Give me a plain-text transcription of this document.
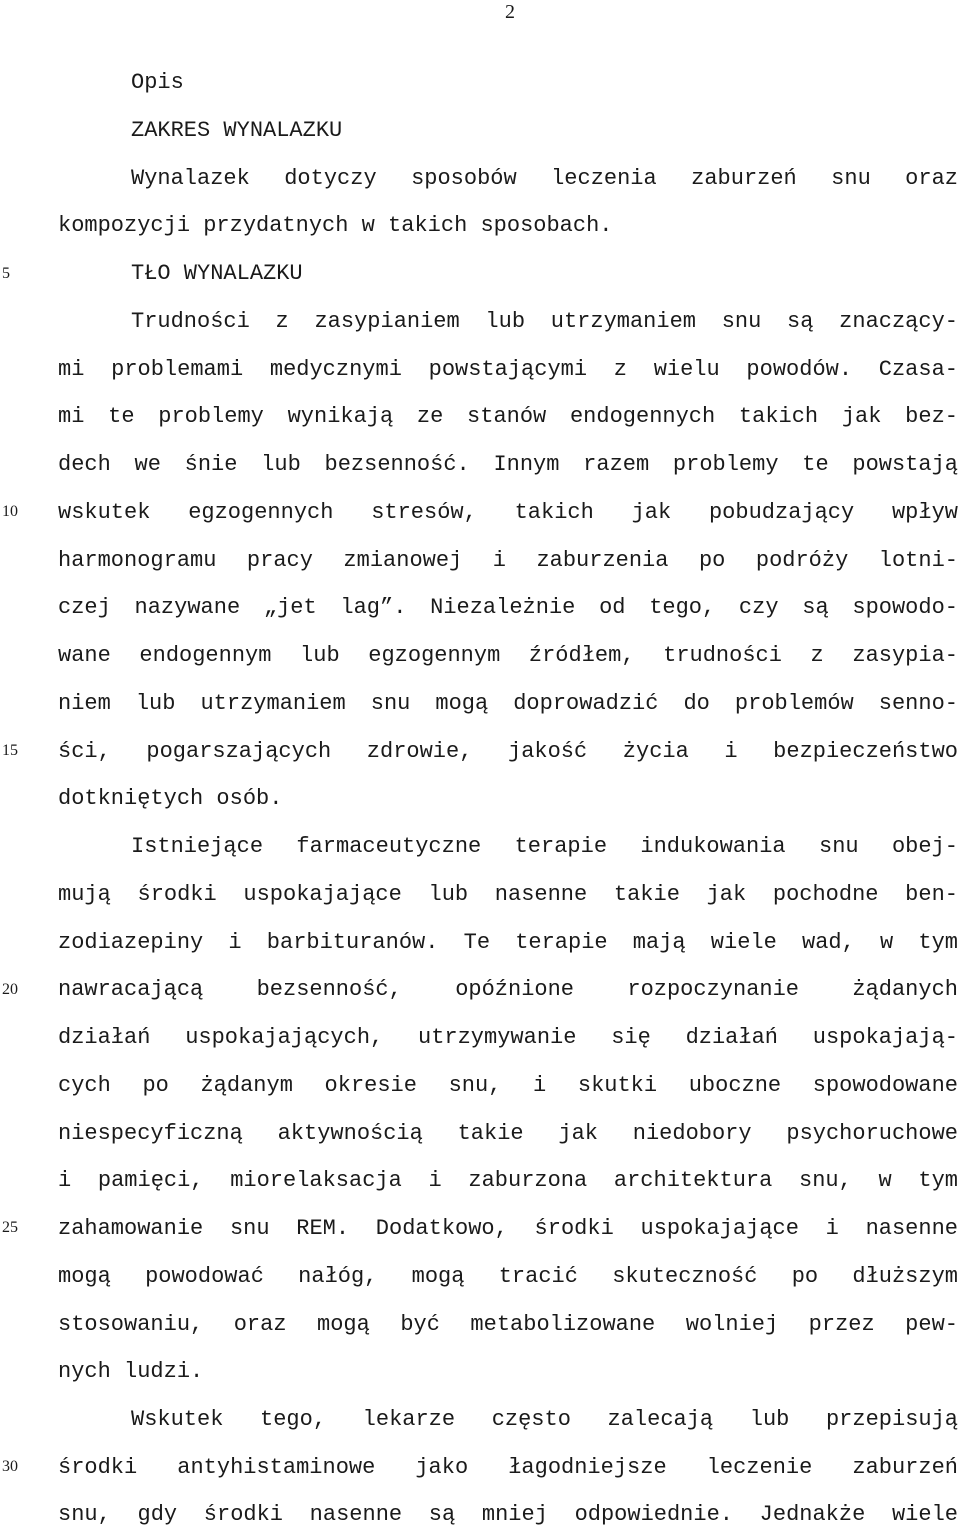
2
5
10
15
20
25
30
Opis
ZAKRES WYNALAZKU
Wynalazek dotyczy sposobów leczenia zaburzeń snu oraz
kompozycji przydatnych w takich sposobach.
TŁO WYNALAZKU
Trudności z zasypianiem lub utrzymaniem snu są znaczący-
mi problemami medycznymi powstającymi z wielu powodów. Czasa-
mi te problemy wynikają ze stanów endogennych takich jak bez-
dech we śnie lub bezsenność. Innym razem problemy te powstają
wskutek egzogennych stresów, takich jak pobudzający wpływ
harmonogramu pracy zmianowej i zaburzenia po podróży lotni-
czej nazywane „jet lag”. Niezależnie od tego, czy są spowodo-
wane endogennym lub egzogennym źródłem, trudności z zasypia-
niem lub utrzymaniem snu mogą doprowadzić do problemów senno-
ści, pogarszających zdrowie, jakość życia i bezpieczeństwo
dotkniętych osób.
Istniejące farmaceutyczne terapie indukowania snu obej-
mują środki uspokajające lub nasenne takie jak pochodne ben-
zodiazepiny i barbituranów. Te terapie mają wiele wad, w tym
nawracającą bezsenność, opóźnione rozpoczynanie żądanych
działań uspokajających, utrzymywanie się działań uspokajają-
cych po żądanym okresie snu, i skutki uboczne spowodowane
niespecyficzną aktywnością takie jak niedobory psychoruchowe
i pamięci, miorelaksacja i zaburzona architektura snu, w tym
zahamowanie snu REM. Dodatkowo, środki uspokajające i nasenne
mogą powodować nałóg, mogą tracić skuteczność po dłuższym
stosowaniu, oraz mogą być metabolizowane wolniej przez pew-
nych ludzi.
Wskutek tego, lekarze często zalecają lub przepisują
środki antyhistaminowe jako łagodniejsze leczenie zaburzeń
snu, gdy środki nasenne są mniej odpowiednie. Jednakże wiele
